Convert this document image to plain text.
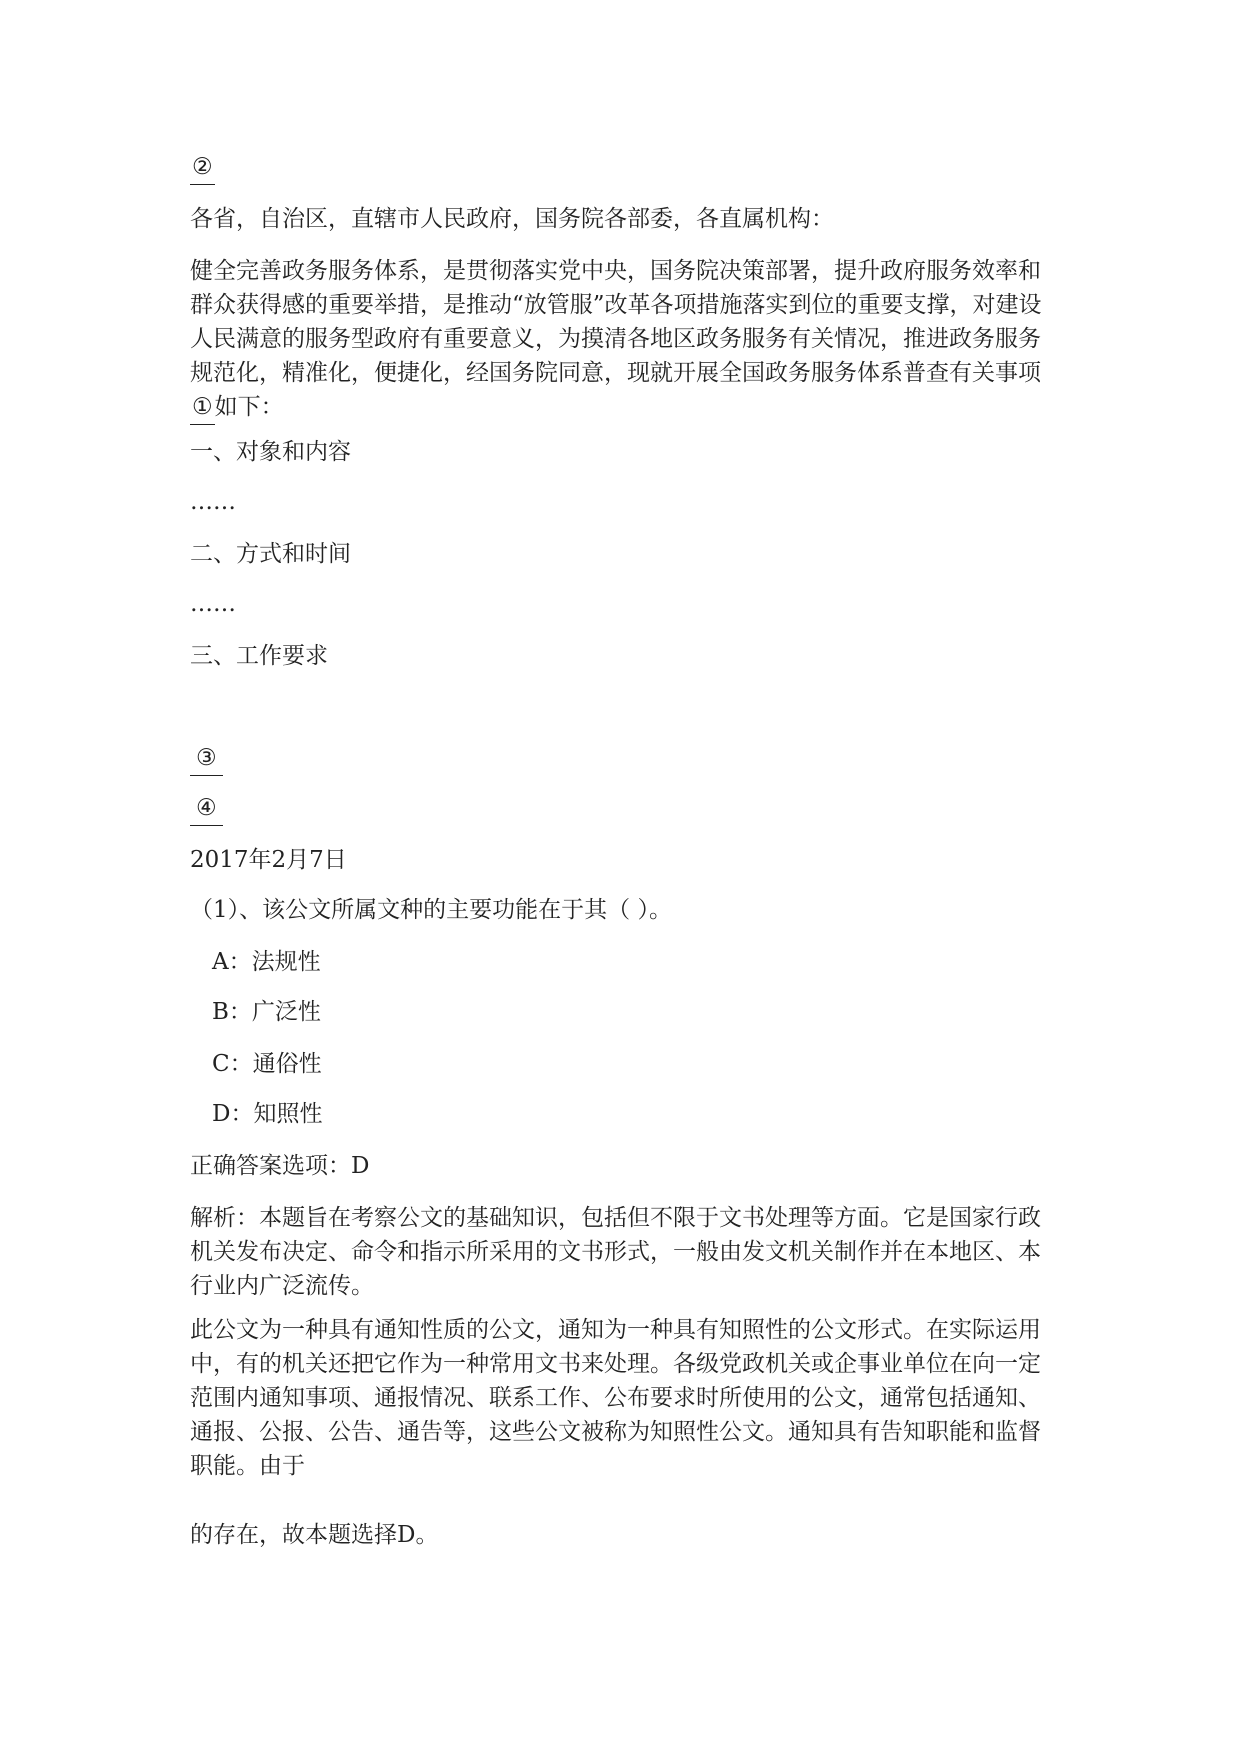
②

各省，自治区，直辖市人民政府，国务院各部委，各直属机构：

健全完善政务服务体系，是贯彻落实党中央，国务院决策部署，提升政府服务效率和群众获得感的重要举措，是推动“放管服”改革各项措施落实到位的重要支撑，对建设人民满意的服务型政府有重要意义，为摸清各地区政务服务有关情况，推进政务服务规范化，精准化，便捷化，经国务院同意，现就开展全国政务服务体系普查有关事项①如下：

一、对象和内容

……

二、方式和时间

……

三、工作要求

③
④

2017年2月7日

（1）、该公文所属文种的主要功能在于其（ ）。

A：法规性

B：广泛性

C：通俗性

D：知照性

正确答案选项：D

解析：本题旨在考察公文的基础知识，包括但不限于文书处理等方面。它是国家行政机关发布决定、命令和指示所采用的文书形式，一般由发文机关制作并在本地区、本行业内广泛流传。

此公文为一种具有通知性质的公文，通知为一种具有知照性的公文形式。在实际运用中，有的机关还把它作为一种常用文书来处理。各级党政机关或企事业单位在向一定范围内通知事项、通报情况、联系工作、公布要求时所使用的公文，通常包括通知、通报、公报、公告、通告等，这些公文被称为知照性公文。通知具有告知职能和监督职能。由于

的存在，故本题选择D。
